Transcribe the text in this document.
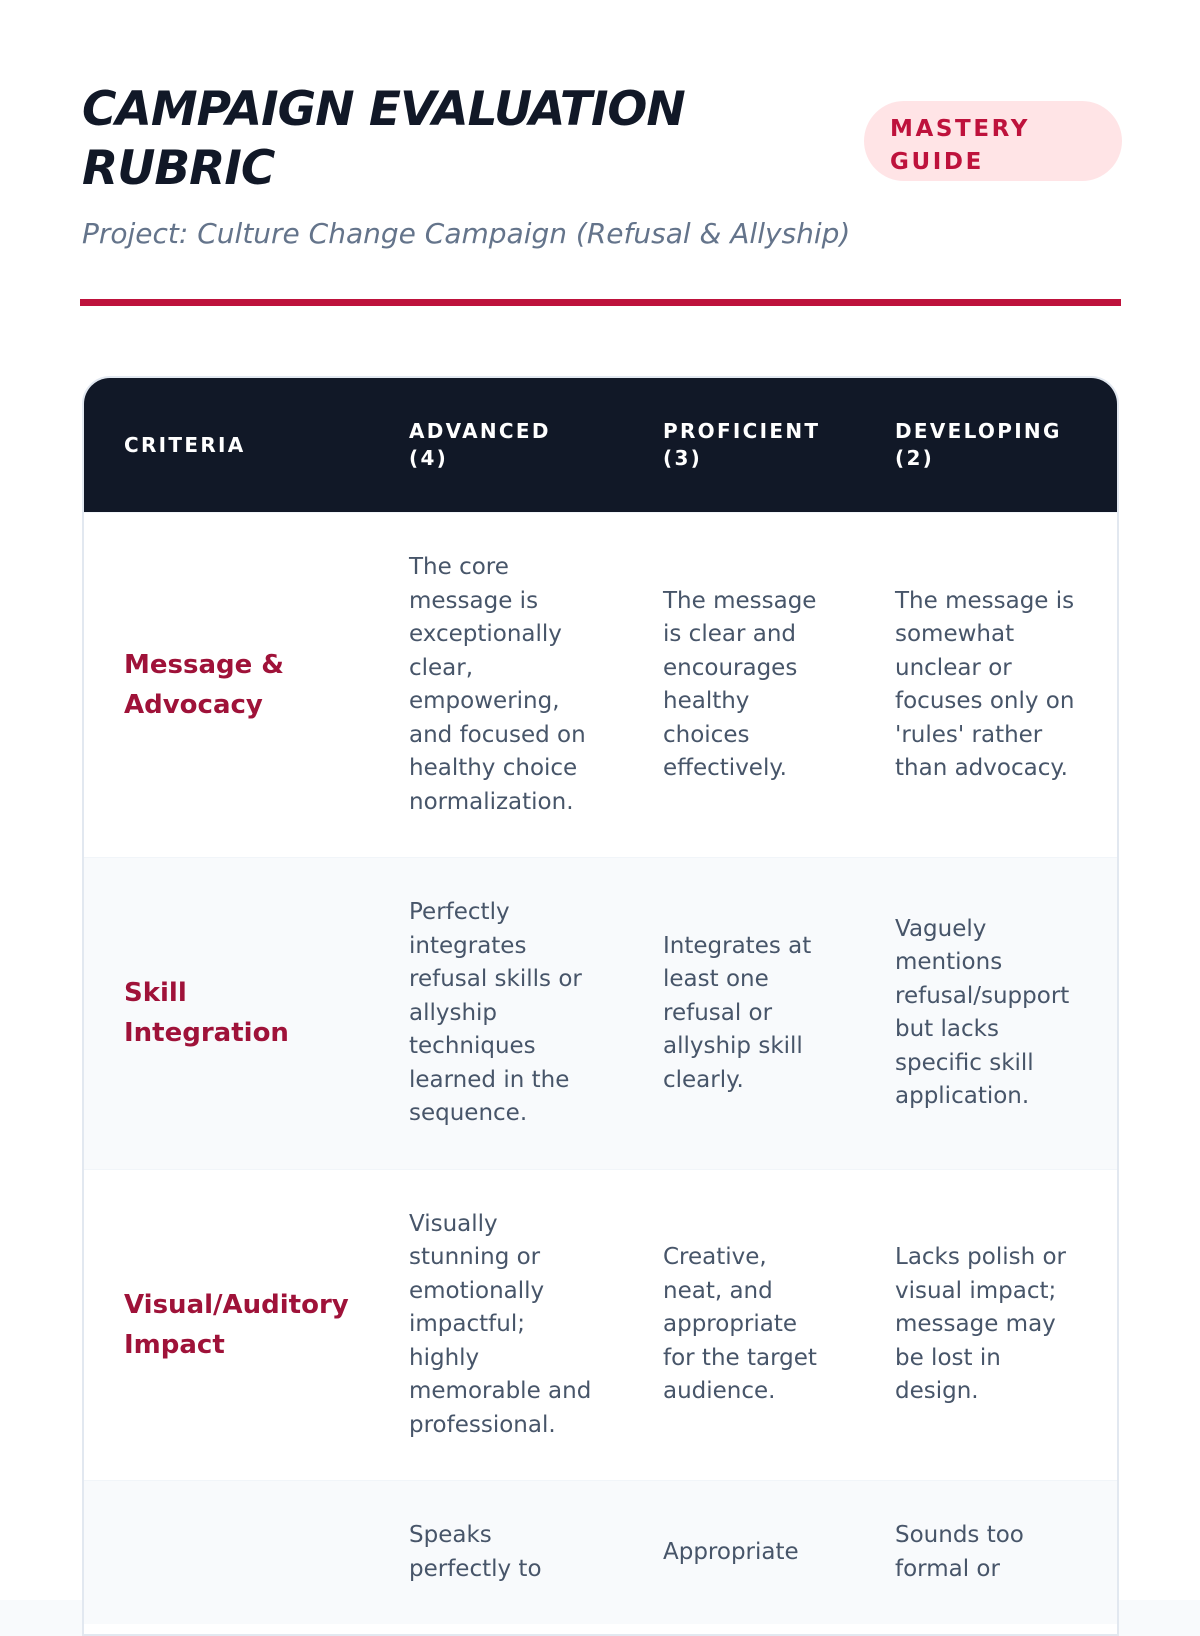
CAMPAIGN EVALUATION RUBRIC
MASTERY GUIDE

Project: Culture Change Campaign (Refusal & Allyship)

CRITERIA	ADVANCED (4)	PROFICIENT (3)	DEVELOPING (2)
Message & Advocacy	The core message is exceptionally clear, empowering, and focused on healthy choice normalization.	The message is clear and encourages healthy choices effectively.	The message is somewhat unclear or focuses only on 'rules' rather than advocacy.
Skill Integration	Perfectly integrates refusal skills or allyship techniques learned in the sequence.	Integrates at least one refusal or allyship skill clearly.	Vaguely mentions refusal/support but lacks specific skill application.
Visual/Auditory Impact	Visually stunning or emotionally impactful; highly memorable and professional.	Creative, neat, and appropriate for the target audience.	Lacks polish or visual impact; message may be lost in design.
	Speaks perfectly to	Appropriate	Sounds too formal or
